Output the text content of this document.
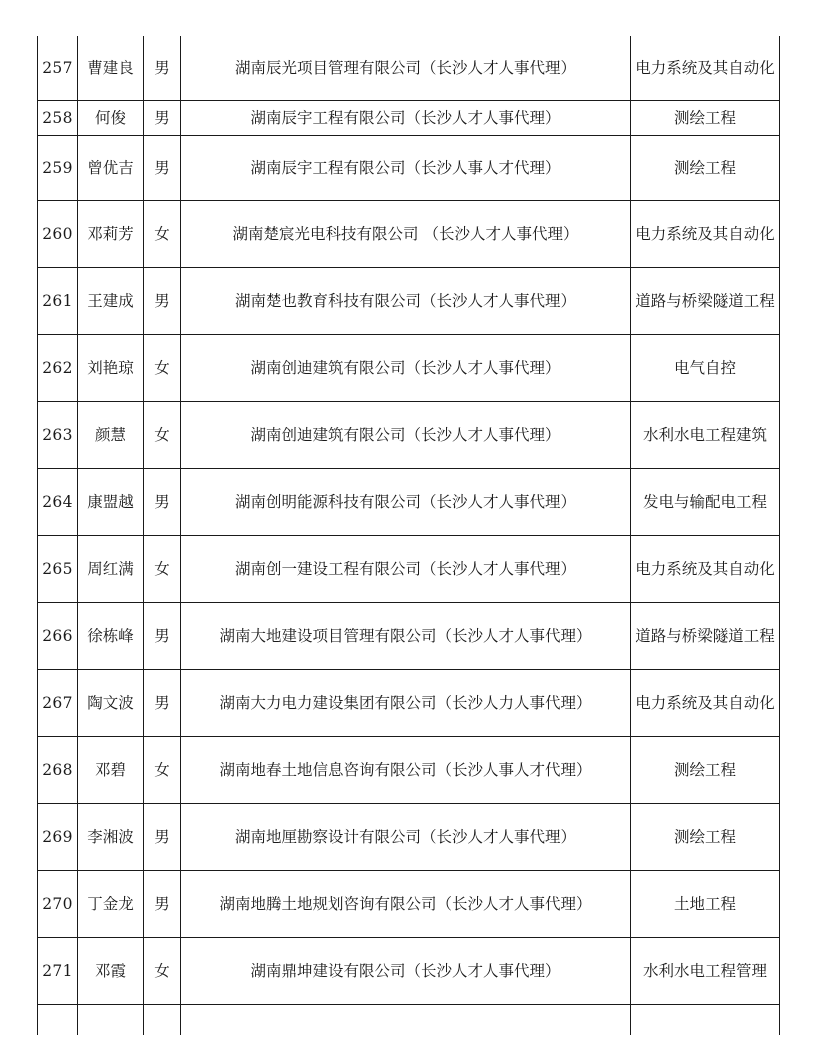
257	曹建良	男	湖南辰光项目管理有限公司（长沙人才人事代理）	电力系统及其自动化
258	何俊	男	湖南辰宇工程有限公司（长沙人才人事代理）	测绘工程
259	曾优吉	男	湖南辰宇工程有限公司（长沙人事人才代理）	测绘工程
260	邓莉芳	女	湖南楚宸光电科技有限公司 （长沙人才人事代理）	电力系统及其自动化
261	王建成	男	湖南楚也教育科技有限公司（长沙人才人事代理）	道路与桥梁隧道工程
262	刘艳琼	女	湖南创迪建筑有限公司（长沙人才人事代理）	电气自控
263	颜慧	女	湖南创迪建筑有限公司（长沙人才人事代理）	水利水电工程建筑
264	康盟越	男	湖南创明能源科技有限公司（长沙人才人事代理）	发电与输配电工程
265	周红满	女	湖南创一建设工程有限公司（长沙人才人事代理）	电力系统及其自动化
266	徐栋峰	男	湖南大地建设项目管理有限公司（长沙人才人事代理）	道路与桥梁隧道工程
267	陶文波	男	湖南大力电力建设集团有限公司（长沙人力人事代理）	电力系统及其自动化
268	邓碧	女	湖南地春土地信息咨询有限公司（长沙人事人才代理）	测绘工程
269	李湘波	男	湖南地厘勘察设计有限公司（长沙人才人事代理）	测绘工程
270	丁金龙	男	湖南地腾土地规划咨询有限公司（长沙人才人事代理）	土地工程
271	邓霞	女	湖南鼎坤建设有限公司（长沙人才人事代理）	水利水电工程管理
